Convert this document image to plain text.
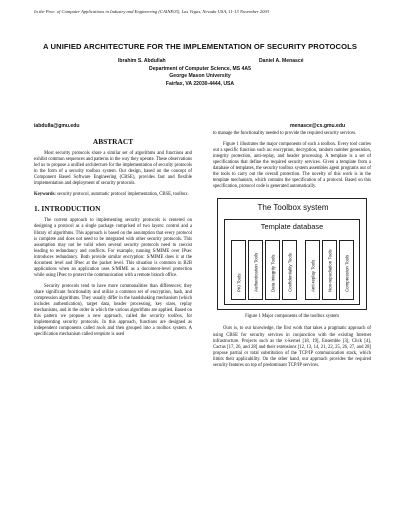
In the Proc. of Computer Applications in Industry and Engineering (CAINE03), Las Vegas, Nevada USA, 11-13 November 2003
A UNIFIED ARCHITECTURE FOR THE IMPLEMENTATION OF SECURITY PROTOCOLS
Ibrahim S. Abdullah	Daniel A. Menascé
Department of Computer Science, MS 4A5
George Mason University
Fairfax, VA 22030-4444, USA
iabdulla@gmu.edu	menasce@cs.gmu.edu
ABSTRACT

Most security protocols share a similar set of algorithms and functions and exhibit common sequences and patterns in the way they operate. These observations led us to propose a unified architecture for the implementation of security protocols in the form of a security toolbox system. Our design, based on the concept of Component Based Software Engineering (CBSE), provides fast and flexible implementation and deployment of security protocols.

Keywords: security protocol, automatic protocol implementation, CBSE, toolbox.

1. INTRODUCTION

The current approach to implementing security protocols is centered on designing a protocol as a single package comprised of two layers: control and a library of algorithms. This approach is based on the assumption that every protocol is complete and does not need to be integrated with other security protocols. This assumption may not be valid when several security protocols need to coexist leading to redundancy and conflicts. For example, running S/MIME over IPsec introduces redundancy. Both provide similar encryption: S/MIME does it at the document level and IPsec at the packet level. This situation is common in B2B applications when an application uses S/MIME as a document-level protection while using IPsec to protect the communication with a remote branch office.

Security protocols tend to have more commonalities than differences; they share significant functionality and utilize a common set of encryption, hash, and compression algorithms. They usually differ in the handshaking mechanism (which includes authentication), target data, header processing, key sizes, replay mechanisms, and in the order in which the various algorithms are applied. Based on this pattern we propose a new approach, called the security toolbox, for implementing security protocols. In this approach, functions are designed as independent components called tools and then grouped into a toolbox system. A specification mechanism called template is used

to manage the functionality needed to provide the required security services.

Figure 1 illustrates the major components of such a toolbox. Every tool carries out a specific function such as: encryption, decryption, random number generation, integrity protection, anti-replay, and header processing. A template is a set of specifications that define the required security services. Given a template from a database of templates, the security toolbox system assembles agent programs out of the tools to carry out the overall protection. The novelty of this work is in the template mechanism, which contains the specification of a protocol. Based on this specification, protocol code is generated automatically.

The Toolbox system
Template database
PKI Tools	Authentication Tools	Data Integrity Tools	Confidentiality Tools	Anti-replay Tools	Non-repudiation Tools	Compression Tools

Figure 1 Major components of the toolbox system

Ours is, to our knowledge, the first work that takes a pragmatic approach of using CBSE for security services in conjunction with the existing Internet infrastructure. Projects such as the x-kernel [18, 19], Ensemble [3], Click [4], Cactus [17, 26, and 28] and their extensions [12, 13, 14, 21, 22, 25, 26, 27, and 28] propose partial or total substitution of the TCP/IP communication stack, which limits their applicability. On the other hand, our approach provides the required security features on top of predominant TCP/IP services.
